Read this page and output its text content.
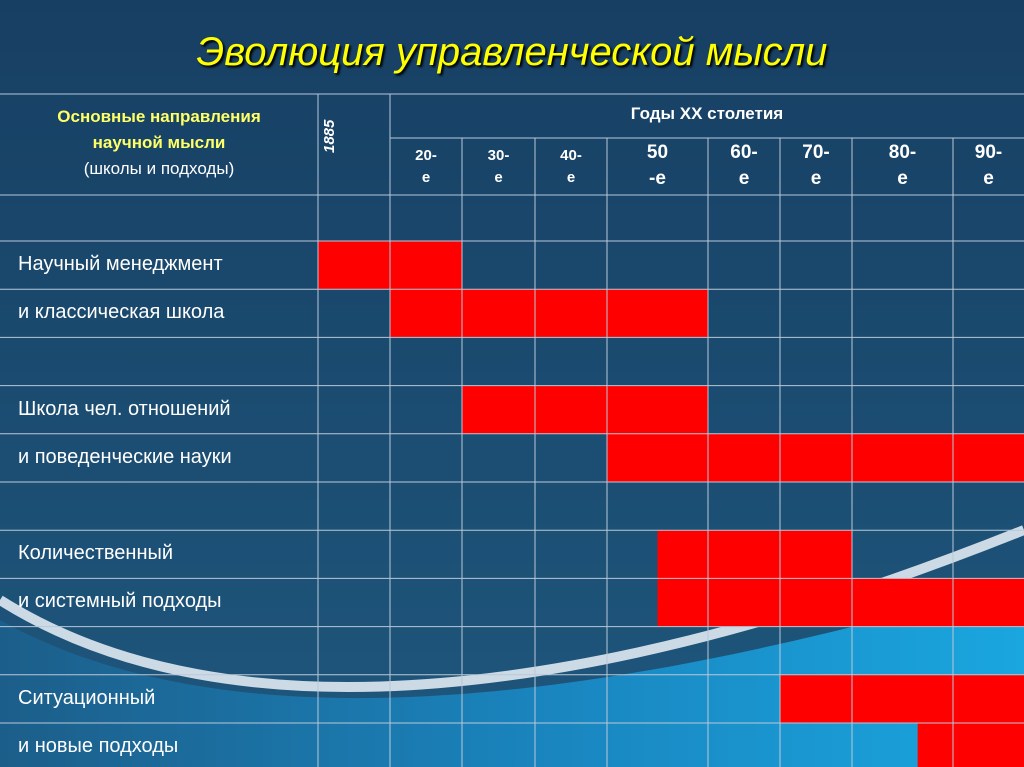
Эволюция управленческой мысли
Основные направления научной мысли
(школы и подходы)
1885
Годы ХХ столетия
20-
е
30-
е
40-
е
50
-е
60-
е
70-
е
80-
е
90-
е
Научный менеджмент
и классическая школа
Школа чел. отношений
и поведенческие науки
Количественный
и системный подходы
Ситуационный
и новые подходы
